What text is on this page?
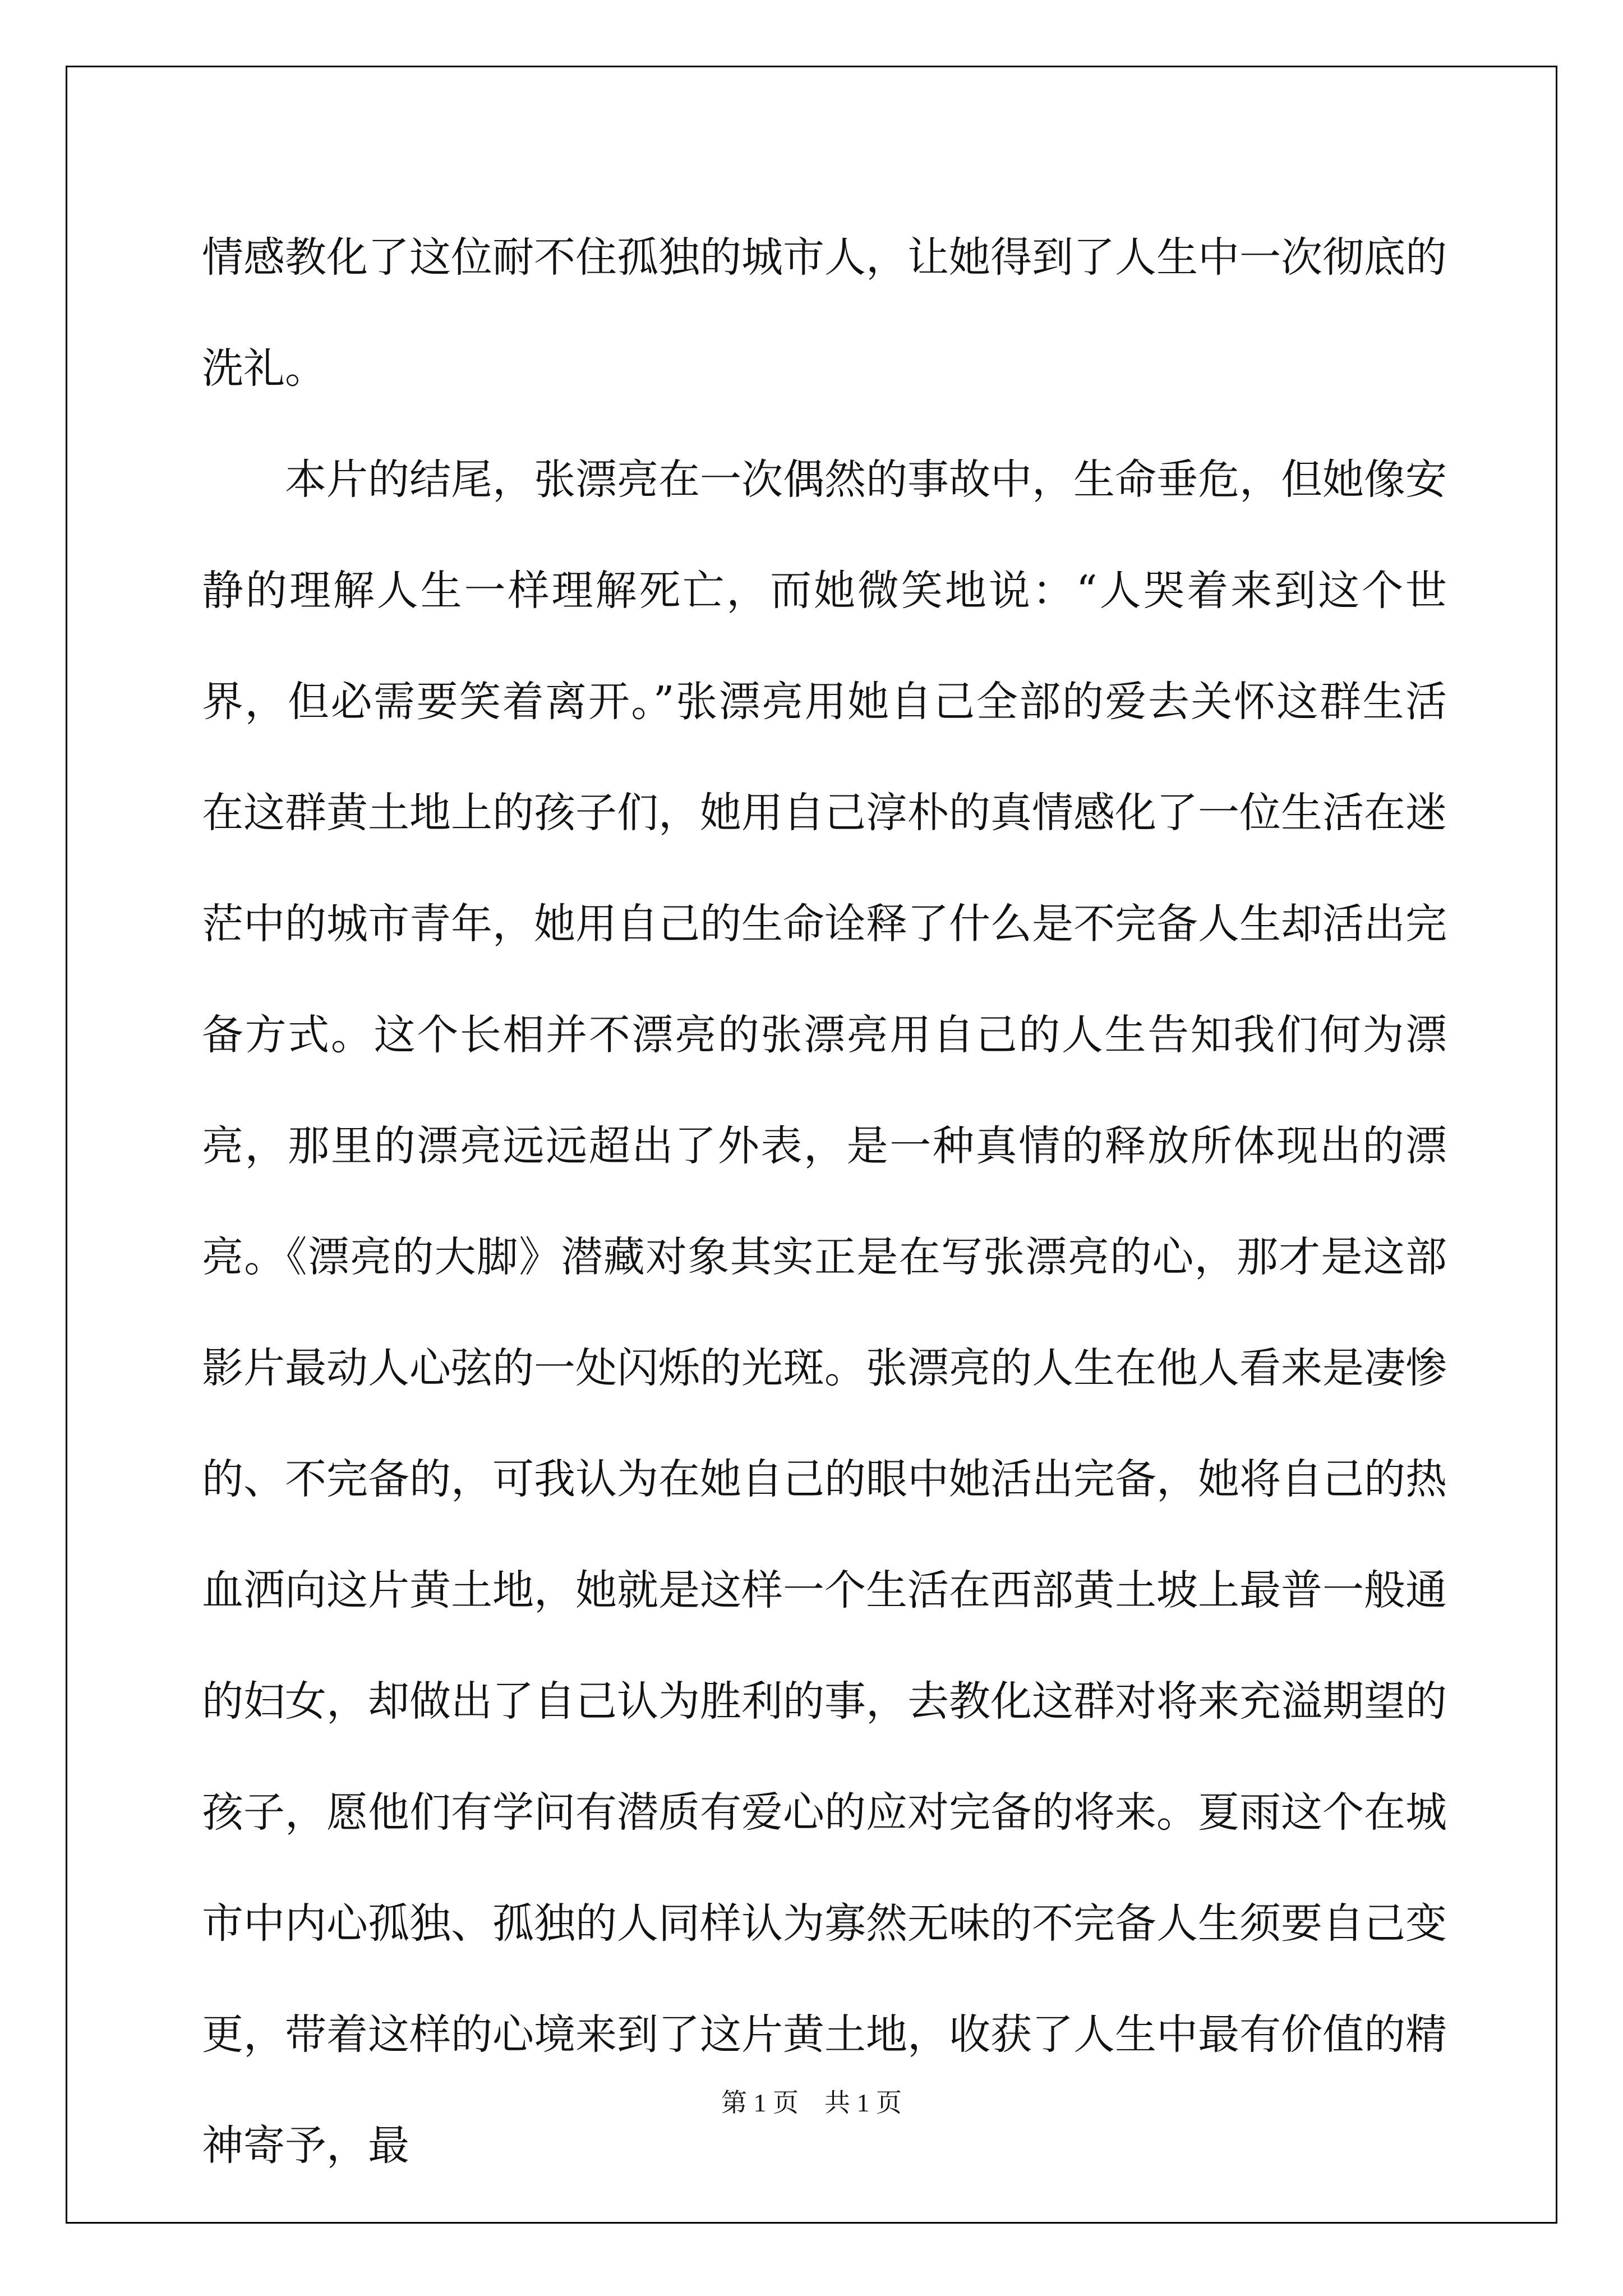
情感教化了这位耐不住孤独的城市人，让她得到了人生中一次彻底的洗礼。

本片的结尾，张漂亮在一次偶然的事故中，生命垂危，但她像安静的理解人生一样理解死亡，而她微笑地说：“人哭着来到这个世界，但必需要笑着离开。”张漂亮用她自己全部的爱去关怀这群生活在这群黄土地上的孩子们，她用自己淳朴的真情感化了一位生活在迷茫中的城市青年，她用自己的生命诠释了什么是不完备人生却活出完备方式。这个长相并不漂亮的张漂亮用自己的人生告知我们何为漂亮，那里的漂亮远远超出了外表，是一种真情的释放所体现出的漂亮。《漂亮的大脚》潜藏对象其实正是在写张漂亮的心，那才是这部影片最动人心弦的一处闪烁的光斑。张漂亮的人生在他人看来是凄惨的、不完备的，可我认为在她自己的眼中她活出完备，她将自己的热血洒向这片黄土地，她就是这样一个生活在西部黄土坡上最普一般通的妇女，却做出了自己认为胜利的事，去教化这群对将来充溢期望的孩子，愿他们有学问有潜质有爱心的应对完备的将来。夏雨这个在城市中内心孤独、孤独的人同样认为寡然无味的不完备人生须要自己变更，带着这样的心境来到了这片黄土地，收获了人生中最有价值的精神寄予，最

第 1 页    共 1 页
